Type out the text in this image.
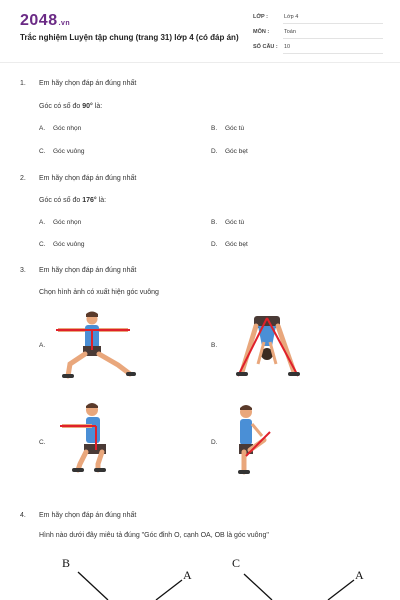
2048.vn
Trắc nghiệm Luyện tập chung (trang 31) lớp 4 (có đáp án)
LỚP :	Lớp 4
MÔN :	Toán
SỐ CÂU : 10
1. Em hãy chọn đáp án đúng nhất
Góc có số đo 90° là:
A. Góc nhọn	B. Góc tù
C. Góc vuông	D. Góc bẹt
2. Em hãy chọn đáp án đúng nhất
Góc có số đo 176° là:
A. Góc nhọn	B. Góc tù
C. Góc vuông	D. Góc bẹt
3. Em hãy chọn đáp án đúng nhất
Chọn hình ảnh có xuất hiện góc vuông
A.	B.
C.	D.
4. Em hãy chọn đáp án đúng nhất
Hình nào dưới đây miêu tả đúng "Góc đỉnh O, cạnh OA, OB là góc vuông"
B
A
C
A
